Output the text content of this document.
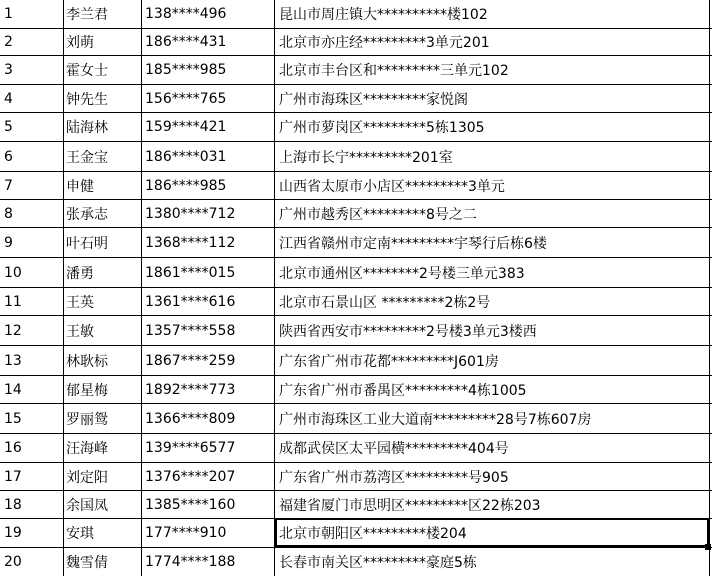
1	李兰君	138****496	昆山市周庄镇大**********楼102
2	刘萌	186****431	北京市亦庄经*********3单元201
3	霍女士	185****985	北京市丰台区和*********三单元102
4	钟先生	156****765	广州市海珠区*********家悦阁
5	陆海林	159****421	广州市萝岗区*********5栋1305
6	王金宝	186****031	上海市长宁*********201室
7	申健	186****985	山西省太原市小店区*********3单元
8	张承志	1380****712	广州市越秀区*********8号之二
9	叶石明	1368****112	江西省赣州市定南*********宇琴行后栋6楼
10	潘勇	1861****015	北京市通州区********2号楼三单元383
11	王英	1361****616	北京市石景山区 *********2栋2号
12	王敏	1357****558	陕西省西安市*********2号楼3单元3楼西
13	林耿标	1867****259	广东省广州市花都*********J601房
14	郁星梅	1892****773	广东省广州市番禺区*********4栋1005
15	罗丽鸳	1366****809	广州市海珠区工业大道南*********28号7栋607房
16	汪海峰	139****6577	成都武侯区太平园横*********404号
17	刘定阳	1376****207	广东省广州市荔湾区*********号905
18	余国凤	1385****160	福建省厦门市思明区*********区22栋203
19	安琪	177****910	北京市朝阳区*********楼204
20	魏雪倩	1774****188	长春市南关区*********豪庭5栋
